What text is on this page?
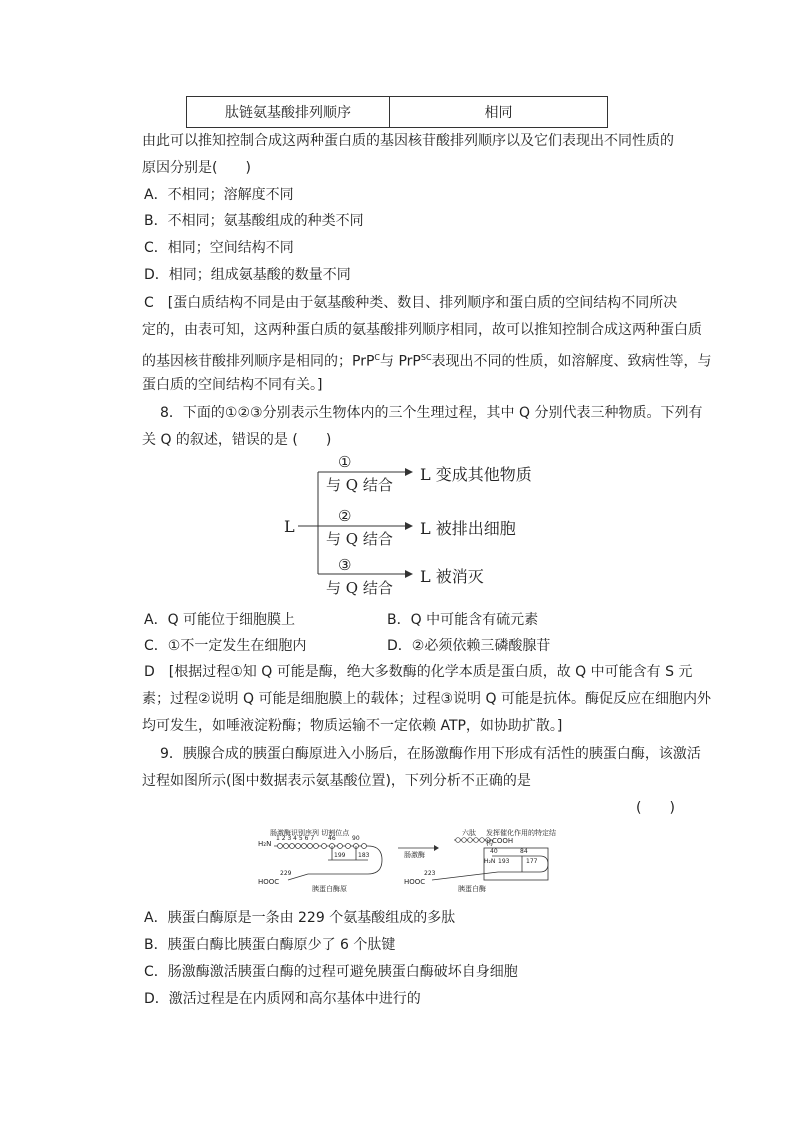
肽链氨基酸排列顺序	相同
由此可以推知控制合成这两种蛋白质的基因核苷酸排列顺序以及它们表现出不同性质的
原因分别是(　　)
A．不相同；溶解度不同
B．不相同；氨基酸组成的种类不同
C．相同；空间结构不同
D．相同；组成氨基酸的数量不同
C　[蛋白质结构不同是由于氨基酸种类、数目、排列顺序和蛋白质的空间结构不同所决
定的，由表可知，这两种蛋白质的氨基酸排列顺序相同，故可以推知控制合成这两种蛋白质
的基因核苷酸排列顺序是相同的；PrP$^C$与 PrP$^{SC}$表现出不同的性质，如溶解度、致病性等，与
蛋白质的空间结构不同有关。]
8．下面的①②③分别表示生物体内的三个生理过程，其中 Q 分别代表三种物质。下列有
关 Q 的叙述，错误的是 (　　)
L
①
与 Q 结合
L 变成其他物质
②
与 Q 结合
L 被排出细胞
③
与 Q 结合
L 被消灭
A．Q 可能位于细胞膜上	B．Q 中可能含有硫元素
C．①不一定发生在细胞内	D．②必须依赖三磷酸腺苷
D　[根据过程①知 Q 可能是酶，绝大多数酶的化学本质是蛋白质，故 Q 中可能含有 S 元
素；过程②说明 Q 可能是细胞膜上的载体；过程③说明 Q 可能是抗体。酶促反应在细胞内外
均可发生，如唾液淀粉酶；物质运输不一定依赖 ATP，如协助扩散。]
9．胰腺合成的胰蛋白酶原进入小肠后，在肠激酶作用下形成有活性的胰蛋白酶，该激活
过程如图所示(图中数据表示氨基酸位置)，下列分析不正确的是
(　　)
肠激酶识别序列 切割位点
H₂N
1 2 3 4 5 6 7 46	90
199 183
229
HOOC
胰蛋白酶原
肠激酶
六肽 发挥催化作用的特定结构 COOH
40	84
H₂N 193	177
223
HOOC
胰蛋白酶
A．胰蛋白酶原是一条由 229 个氨基酸组成的多肽
B．胰蛋白酶比胰蛋白酶原少了 6 个肽键
C．肠激酶激活胰蛋白酶的过程可避免胰蛋白酶破坏自身细胞
D．激活过程是在内质网和高尔基体中进行的
